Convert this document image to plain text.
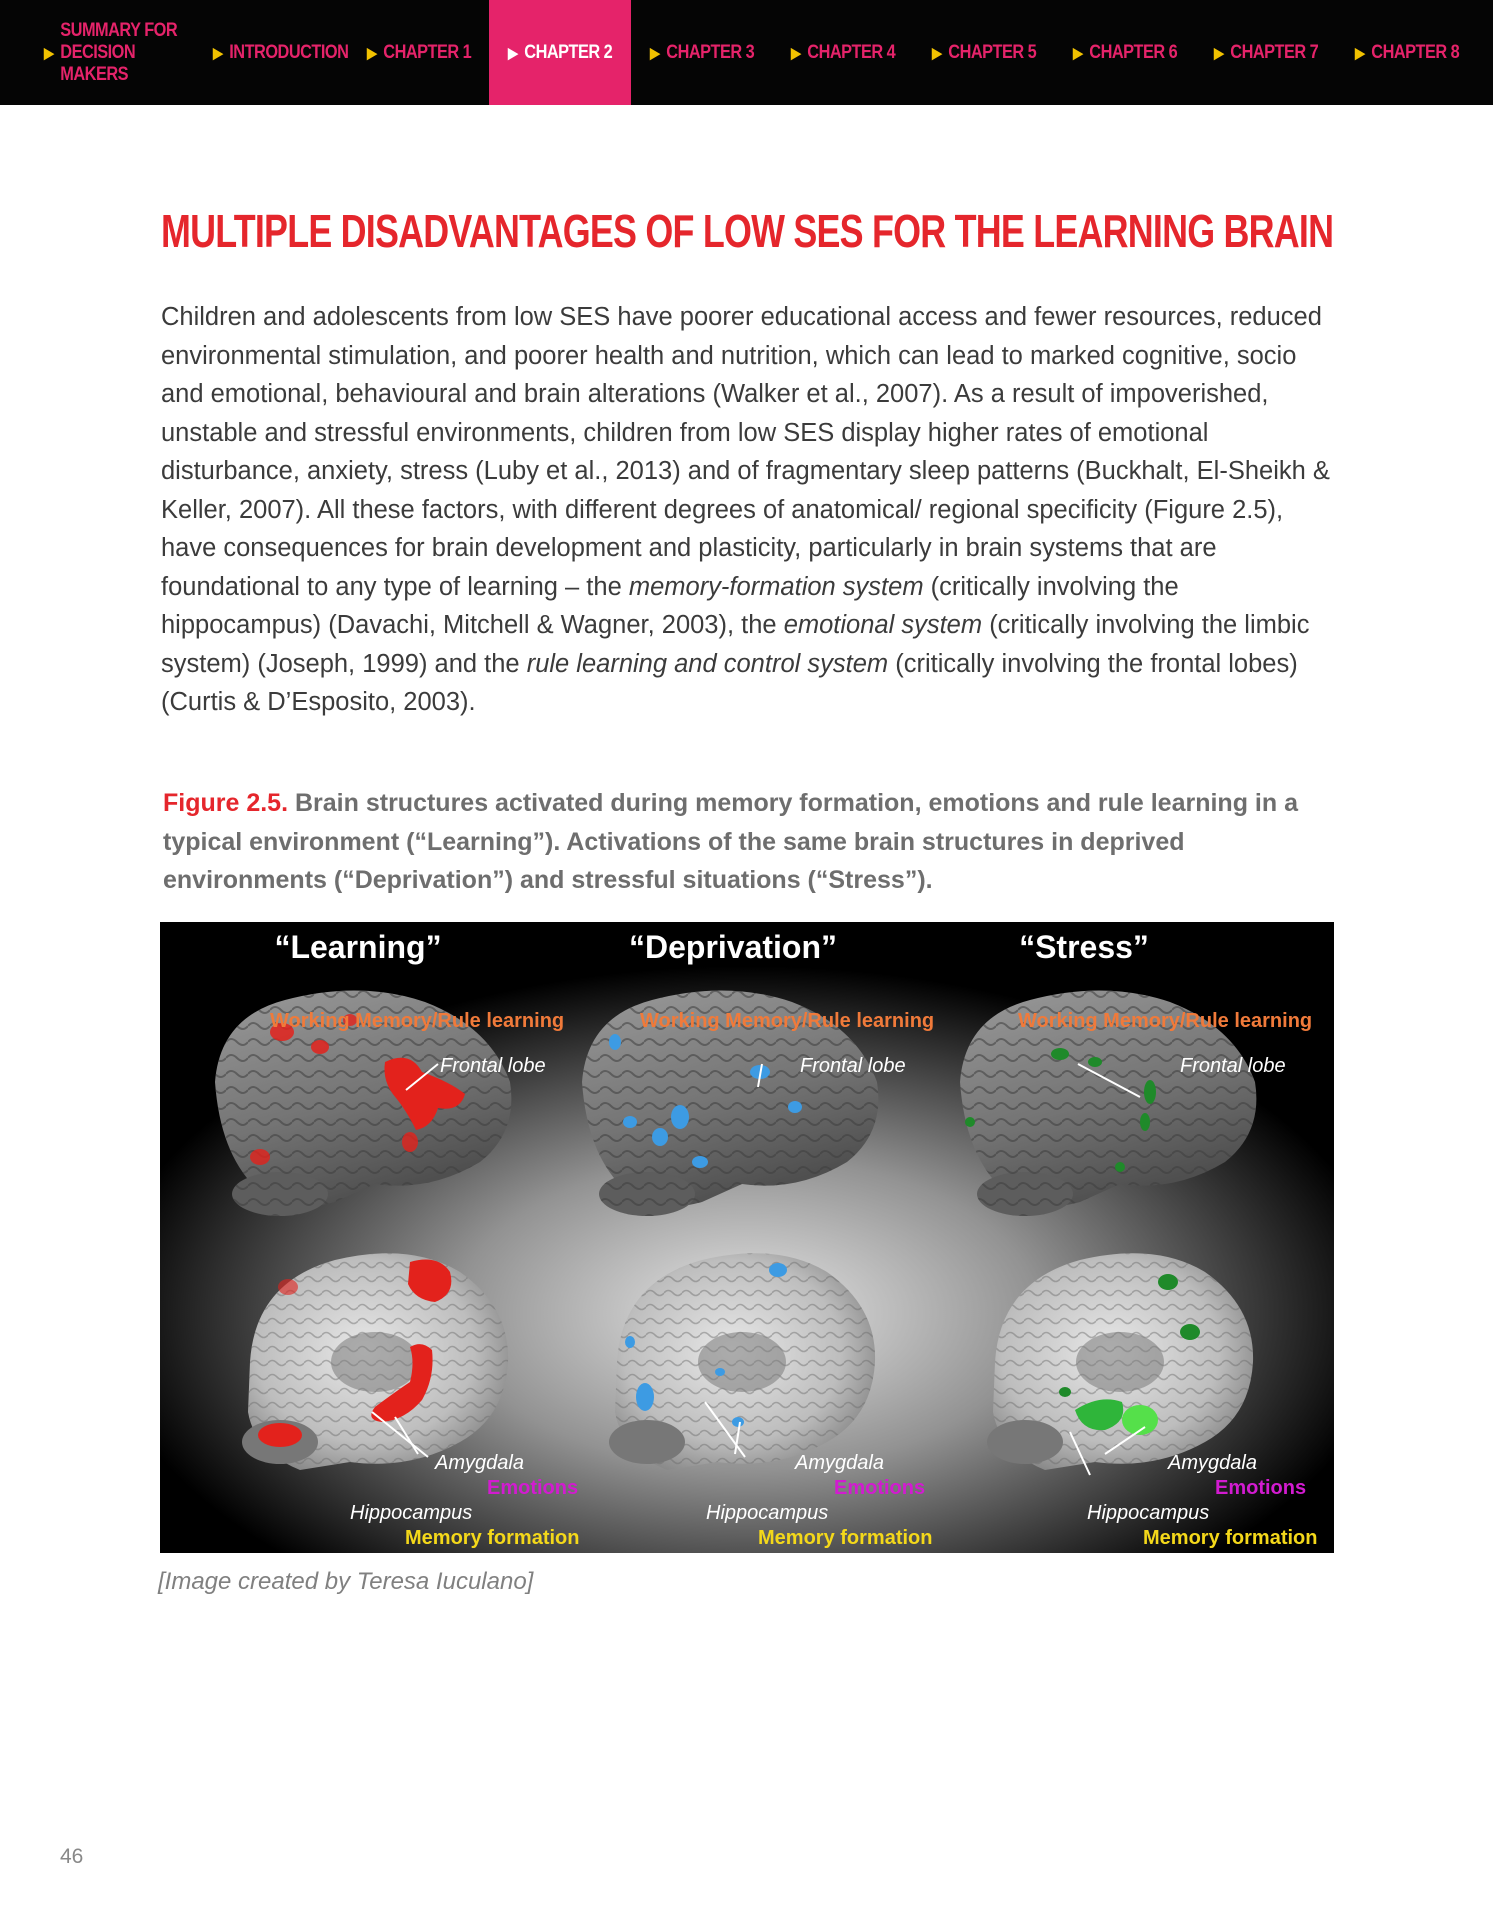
▶
SUMMARY FOR
DECISION MAKERS
▶ INTRODUCTION ▶ CHAPTER 1 ▶ CHAPTER 2	▶ CHAPTER 3 ▶ CHAPTER 4 ▶ CHAPTER 5 ▶ CHAPTER 6 ▶ CHAPTER 7 ▶ CHAPTER 8
MULTIPLE DISADVANTAGES OF LOW SES FOR THE LEARNING BRAIN

Children and adolescents from low SES have poorer educational access and fewer resources, reduced environmental stimulation, and poorer health and nutrition, which can lead to marked cognitive, socio and emotional, behavioural and brain alterations (Walker et al., 2007). As a result of impoverished, unstable and stressful environments, children from low SES display higher rates of emotional disturbance, anxiety, stress (Luby et al., 2013) and of fragmentary sleep patterns (Buckhalt, El-Sheikh & Keller, 2007). All these factors, with different degrees of anatomical/ regional specificity (Figure 2.5), have consequences for brain development and plasticity, particularly in brain systems that are foundational to any type of learning – the memory-formation system (critically involving the hippocampus) (Davachi, Mitchell & Wagner, 2003), the emotional system (critically involving the limbic system) (Joseph, 1999) and the rule learning and control system (critically involving the frontal lobes) (Curtis & D’Esposito, 2003).

Figure 2.5. Brain structures activated during memory formation, emotions and rule learning in a typical environment (“Learning”). Activations of the same brain structures in deprived environments (“Deprivation”) and stressful situations (“Stress”).

“Learning”	“Deprivation”	“Stress”
Working Memory/Rule learning	Working Memory/Rule learning	Working Memory/Rule learning
Frontal lobe	Frontal lobe	Frontal lobe
Amygdala	Amygdala	Amygdala
Emotions	Emotions	Emotions
Hippocampus	Hippocampus	Hippocampus
Memory formation	Memory formation	Memory formation

[Image created by Teresa Iuculano]

46
